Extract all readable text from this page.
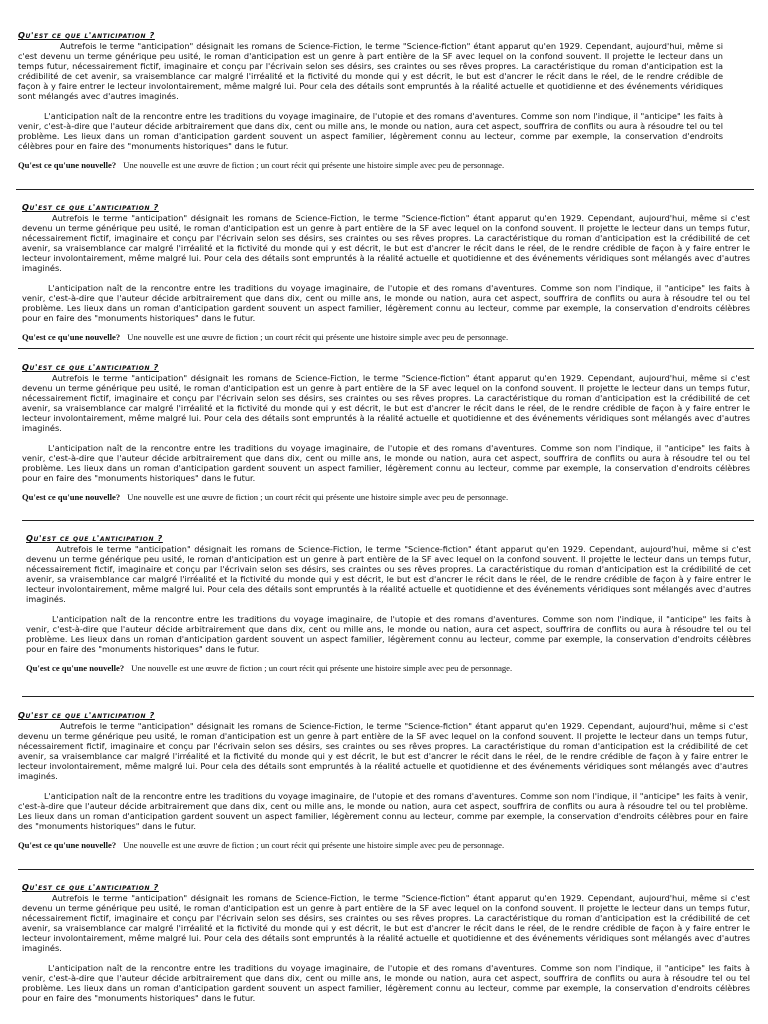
Qu'est ce que l'anticipation ?

Autrefois le terme "anticipation" désignait les romans de Science-Fiction, le terme "Science-fiction" étant apparut qu'en 1929. Cependant, aujourd'hui, même si c'est devenu un terme générique peu usité, le roman d'anticipation est un genre à part entière de la SF avec lequel on la confond souvent. Il projette le lecteur dans un temps futur, nécessairement fictif, imaginaire et conçu par l'écrivain selon ses désirs, ses craintes ou ses rêves propres. La caractéristique du roman d'anticipation est la crédibilité de cet avenir, sa vraisemblance car malgré l'irréalité et la fictivité du monde qui y est décrit, le but est d'ancrer le récit dans le réel, de le rendre crédible de façon à y faire entrer le lecteur involontairement, même malgré lui. Pour cela des détails sont empruntés à la réalité actuelle et quotidienne et des événements véridiques sont mélangés avec d'autres imaginés.

L'anticipation naît de la rencontre entre les traditions du voyage imaginaire, de l'utopie et des romans d'aventures. Comme son nom l'indique, il "anticipe" les faits à venir, c'est-à-dire que l'auteur décide arbitrairement que dans dix, cent ou mille ans, le monde ou nation, aura cet aspect, souffrira de conflits ou aura à résoudre tel ou tel problème. Les lieux dans un roman d'anticipation gardent souvent un aspect familier, légèrement connu au lecteur, comme par exemple, la conservation d'endroits célèbres pour en faire des "monuments historiques" dans le futur.

Qu'est ce qu'une nouvelle? Une nouvelle est une œuvre de fiction ; un court récit qui présente une histoire simple avec peu de personnage.
Qu'est ce que l'anticipation ?

Autrefois le terme "anticipation" désignait les romans de Science-Fiction, le terme "Science-fiction" étant apparut qu'en 1929. Cependant, aujourd'hui, même si c'est devenu un terme générique peu usité, le roman d'anticipation est un genre à part entière de la SF avec lequel on la confond souvent. Il projette le lecteur dans un temps futur, nécessairement fictif, imaginaire et conçu par l'écrivain selon ses désirs, ses craintes ou ses rêves propres. La caractéristique du roman d'anticipation est la crédibilité de cet avenir, sa vraisemblance car malgré l'irréalité et la fictivité du monde qui y est décrit, le but est d'ancrer le récit dans le réel, de le rendre crédible de façon à y faire entrer le lecteur involontairement, même malgré lui. Pour cela des détails sont empruntés à la réalité actuelle et quotidienne et des événements véridiques sont mélangés avec d'autres imaginés.

L'anticipation naît de la rencontre entre les traditions du voyage imaginaire, de l'utopie et des romans d'aventures. Comme son nom l'indique, il "anticipe" les faits à venir, c'est-à-dire que l'auteur décide arbitrairement que dans dix, cent ou mille ans, le monde ou nation, aura cet aspect, souffrira de conflits ou aura à résoudre tel ou tel problème. Les lieux dans un roman d'anticipation gardent souvent un aspect familier, légèrement connu au lecteur, comme par exemple, la conservation d'endroits célèbres pour en faire des "monuments historiques" dans le futur.

Qu'est ce qu'une nouvelle? Une nouvelle est une œuvre de fiction ; un court récit qui présente une histoire simple avec peu de personnage.
Qu'est ce que l'anticipation ?

Autrefois le terme "anticipation" désignait les romans de Science-Fiction, le terme "Science-fiction" étant apparut qu'en 1929. Cependant, aujourd'hui, même si c'est devenu un terme générique peu usité, le roman d'anticipation est un genre à part entière de la SF avec lequel on la confond souvent. Il projette le lecteur dans un temps futur, nécessairement fictif, imaginaire et conçu par l'écrivain selon ses désirs, ses craintes ou ses rêves propres. La caractéristique du roman d'anticipation est la crédibilité de cet avenir, sa vraisemblance car malgré l'irréalité et la fictivité du monde qui y est décrit, le but est d'ancrer le récit dans le réel, de le rendre crédible de façon à y faire entrer le lecteur involontairement, même malgré lui. Pour cela des détails sont empruntés à la réalité actuelle et quotidienne et des événements véridiques sont mélangés avec d'autres imaginés.

L'anticipation naît de la rencontre entre les traditions du voyage imaginaire, de l'utopie et des romans d'aventures. Comme son nom l'indique, il "anticipe" les faits à venir, c'est-à-dire que l'auteur décide arbitrairement que dans dix, cent ou mille ans, le monde ou nation, aura cet aspect, souffrira de conflits ou aura à résoudre tel ou tel problème. Les lieux dans un roman d'anticipation gardent souvent un aspect familier, légèrement connu au lecteur, comme par exemple, la conservation d'endroits célèbres pour en faire des "monuments historiques" dans le futur.

Qu'est ce qu'une nouvelle? Une nouvelle est une œuvre de fiction ; un court récit qui présente une histoire simple avec peu de personnage.
Qu'est ce que l'anticipation ?

Autrefois le terme "anticipation" désignait les romans de Science-Fiction, le terme "Science-fiction" étant apparut qu'en 1929. Cependant, aujourd'hui, même si c'est devenu un terme générique peu usité, le roman d'anticipation est un genre à part entière de la SF avec lequel on la confond souvent. Il projette le lecteur dans un temps futur, nécessairement fictif, imaginaire et conçu par l'écrivain selon ses désirs, ses craintes ou ses rêves propres. La caractéristique du roman d'anticipation est la crédibilité de cet avenir, sa vraisemblance car malgré l'irréalité et la fictivité du monde qui y est décrit, le but est d'ancrer le récit dans le réel, de le rendre crédible de façon à y faire entrer le lecteur involontairement, même malgré lui. Pour cela des détails sont empruntés à la réalité actuelle et quotidienne et des événements véridiques sont mélangés avec d'autres imaginés.

L'anticipation naît de la rencontre entre les traditions du voyage imaginaire, de l'utopie et des romans d'aventures. Comme son nom l'indique, il "anticipe" les faits à venir, c'est-à-dire que l'auteur décide arbitrairement que dans dix, cent ou mille ans, le monde ou nation, aura cet aspect, souffrira de conflits ou aura à résoudre tel ou tel problème. Les lieux dans un roman d'anticipation gardent souvent un aspect familier, légèrement connu au lecteur, comme par exemple, la conservation d'endroits célèbres pour en faire des "monuments historiques" dans le futur.

Qu'est ce qu'une nouvelle? Une nouvelle est une œuvre de fiction ; un court récit qui présente une histoire simple avec peu de personnage.
Qu'est ce que l'anticipation ?

Autrefois le terme "anticipation" désignait les romans de Science-Fiction, le terme "Science-fiction" étant apparut qu'en 1929. Cependant, aujourd'hui, même si c'est devenu un terme générique peu usité, le roman d'anticipation est un genre à part entière de la SF avec lequel on la confond souvent. Il projette le lecteur dans un temps futur, nécessairement fictif, imaginaire et conçu par l'écrivain selon ses désirs, ses craintes ou ses rêves propres. La caractéristique du roman d'anticipation est la crédibilité de cet avenir, sa vraisemblance car malgré l'irréalité et la fictivité du monde qui y est décrit, le but est d'ancrer le récit dans le réel, de le rendre crédible de façon à y faire entrer le lecteur involontairement, même malgré lui. Pour cela des détails sont empruntés à la réalité actuelle et quotidienne et des événements véridiques sont mélangés avec d'autres imaginés.

L'anticipation naît de la rencontre entre les traditions du voyage imaginaire, de l'utopie et des romans d'aventures. Comme son nom l'indique, il "anticipe" les faits à venir, c'est-à-dire que l'auteur décide arbitrairement que dans dix, cent ou mille ans, le monde ou nation, aura cet aspect, souffrira de conflits ou aura à résoudre tel ou tel problème. Les lieux dans un roman d'anticipation gardent souvent un aspect familier, légèrement connu au lecteur, comme par exemple, la conservation d'endroits célèbres pour en faire des "monuments historiques" dans le futur.

Qu'est ce qu'une nouvelle? Une nouvelle est une œuvre de fiction ; un court récit qui présente une histoire simple avec peu de personnage.
Qu'est ce que l'anticipation ?

Autrefois le terme "anticipation" désignait les romans de Science-Fiction, le terme "Science-fiction" étant apparut qu'en 1929. Cependant, aujourd'hui, même si c'est devenu un terme générique peu usité, le roman d'anticipation est un genre à part entière de la SF avec lequel on la confond souvent. Il projette le lecteur dans un temps futur, nécessairement fictif, imaginaire et conçu par l'écrivain selon ses désirs, ses craintes ou ses rêves propres. La caractéristique du roman d'anticipation est la crédibilité de cet avenir, sa vraisemblance car malgré l'irréalité et la fictivité du monde qui y est décrit, le but est d'ancrer le récit dans le réel, de le rendre crédible de façon à y faire entrer le lecteur involontairement, même malgré lui. Pour cela des détails sont empruntés à la réalité actuelle et quotidienne et des événements véridiques sont mélangés avec d'autres imaginés.

L'anticipation naît de la rencontre entre les traditions du voyage imaginaire, de l'utopie et des romans d'aventures. Comme son nom l'indique, il "anticipe" les faits à venir, c'est-à-dire que l'auteur décide arbitrairement que dans dix, cent ou mille ans, le monde ou nation, aura cet aspect, souffrira de conflits ou aura à résoudre tel ou tel problème. Les lieux dans un roman d'anticipation gardent souvent un aspect familier, légèrement connu au lecteur, comme par exemple, la conservation d'endroits célèbres pour en faire des "monuments historiques" dans le futur.
